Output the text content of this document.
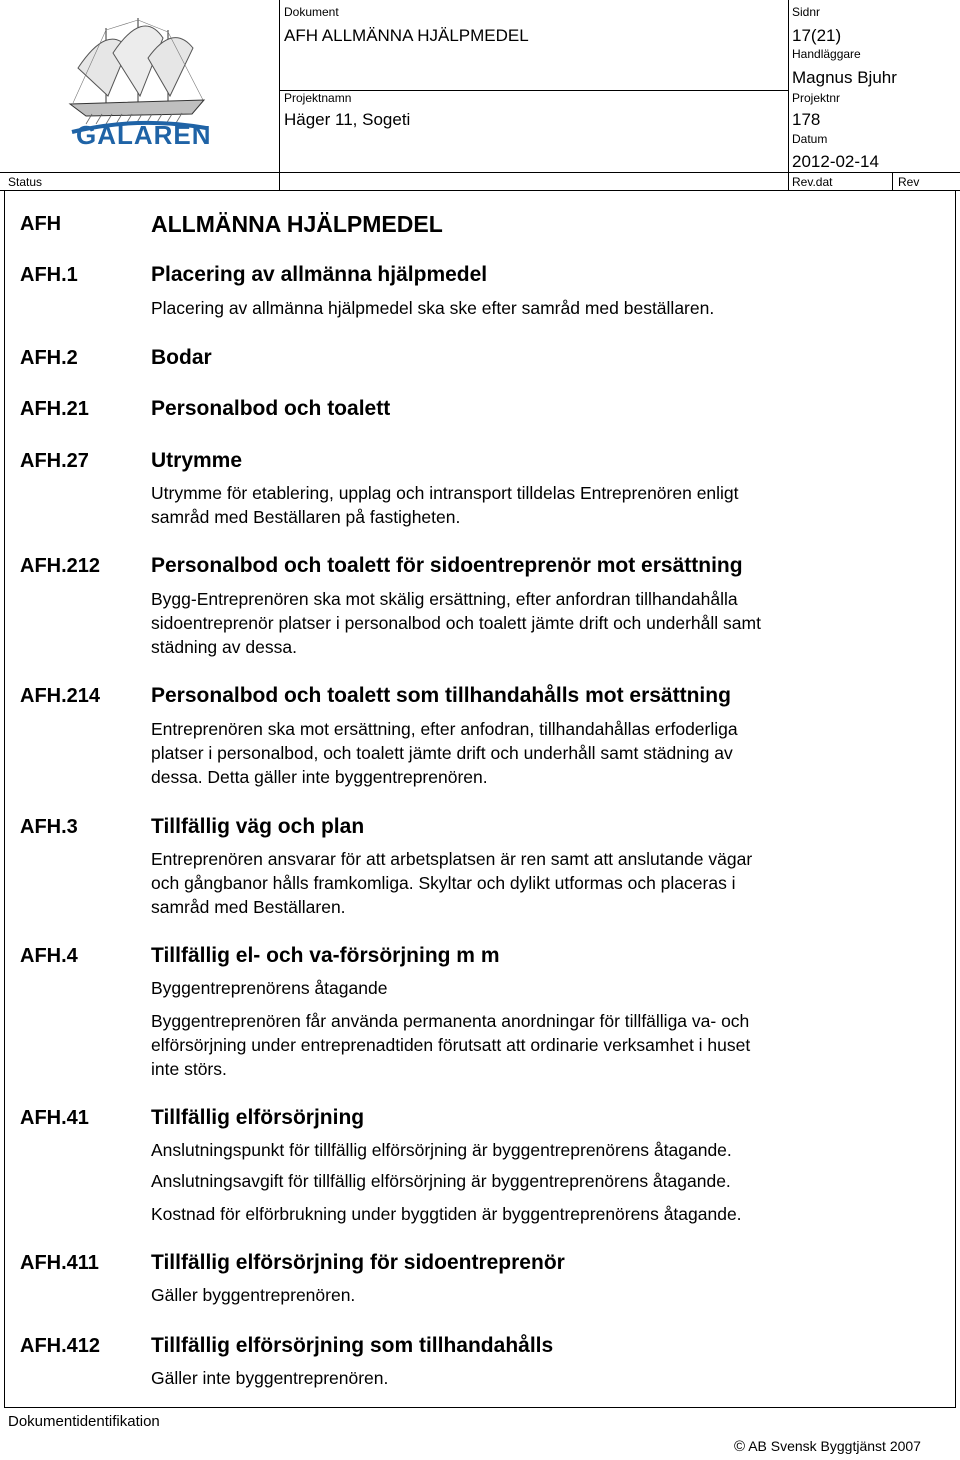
GALÄREN
Dokument
AFH ALLMÄNNA HJÄLPMEDEL
Sidnr
17(21)
Handläggare
Magnus Bjuhr
Projektnamn
Häger 11, Sogeti
Projektnr
178
Datum
2012-02-14
Status	Rev.dat	Rev
AFH	ALLMÄNNA HJÄLPMEDEL
AFH.1	Placering av allmänna hjälpmedel
Placering av allmänna hjälpmedel ska ske efter samråd med beställaren.
AFH.2	Bodar
AFH.21	Personalbod och toalett
AFH.27	Utrymme
Utrymme för etablering, upplag och intransport tilldelas Entreprenören enligt
samråd med Beställaren på fastigheten.
AFH.212 Personalbod och toalett för sidoentreprenör mot ersättning
Bygg-Entreprenören ska mot skälig ersättning, efter anfordran tillhandahålla
sidoentreprenör platser i personalbod och toalett jämte drift och underhåll samt
städning av dessa.
AFH.214 Personalbod och toalett som tillhandahålls mot ersättning
Entreprenören ska mot ersättning, efter anfodran, tillhandahållas erfoderliga
platser i personalbod, och toalett jämte drift och underhåll samt städning av
dessa. Detta gäller inte byggentreprenören.
AFH.3	Tillfällig väg och plan
Entreprenören ansvarar för att arbetsplatsen är ren samt att anslutande vägar
och gångbanor hålls framkomliga. Skyltar och dylikt utformas och placeras i
samråd med Beställaren.
AFH.4	Tillfällig el- och va-försörjning m m
Byggentreprenörens åtagande
Byggentreprenören får använda permanenta anordningar för tillfälliga va- och
elförsörjning under entreprenadtiden förutsatt att ordinarie verksamhet i huset
inte störs.
AFH.41	Tillfällig elförsörjning
Anslutningspunkt för tillfällig elförsörjning är byggentreprenörens åtagande.
Anslutningsavgift för tillfällig elförsörjning är byggentreprenörens åtagande.
Kostnad för elförbrukning under byggtiden är byggentreprenörens åtagande.
AFH.411 Tillfällig elförsörjning för sidoentreprenör
Gäller byggentreprenören.
AFH.412 Tillfällig elförsörjning som tillhandahålls
Gäller inte byggentreprenören.
Dokumentidentifikation
© AB Svensk Byggtjänst 2007
